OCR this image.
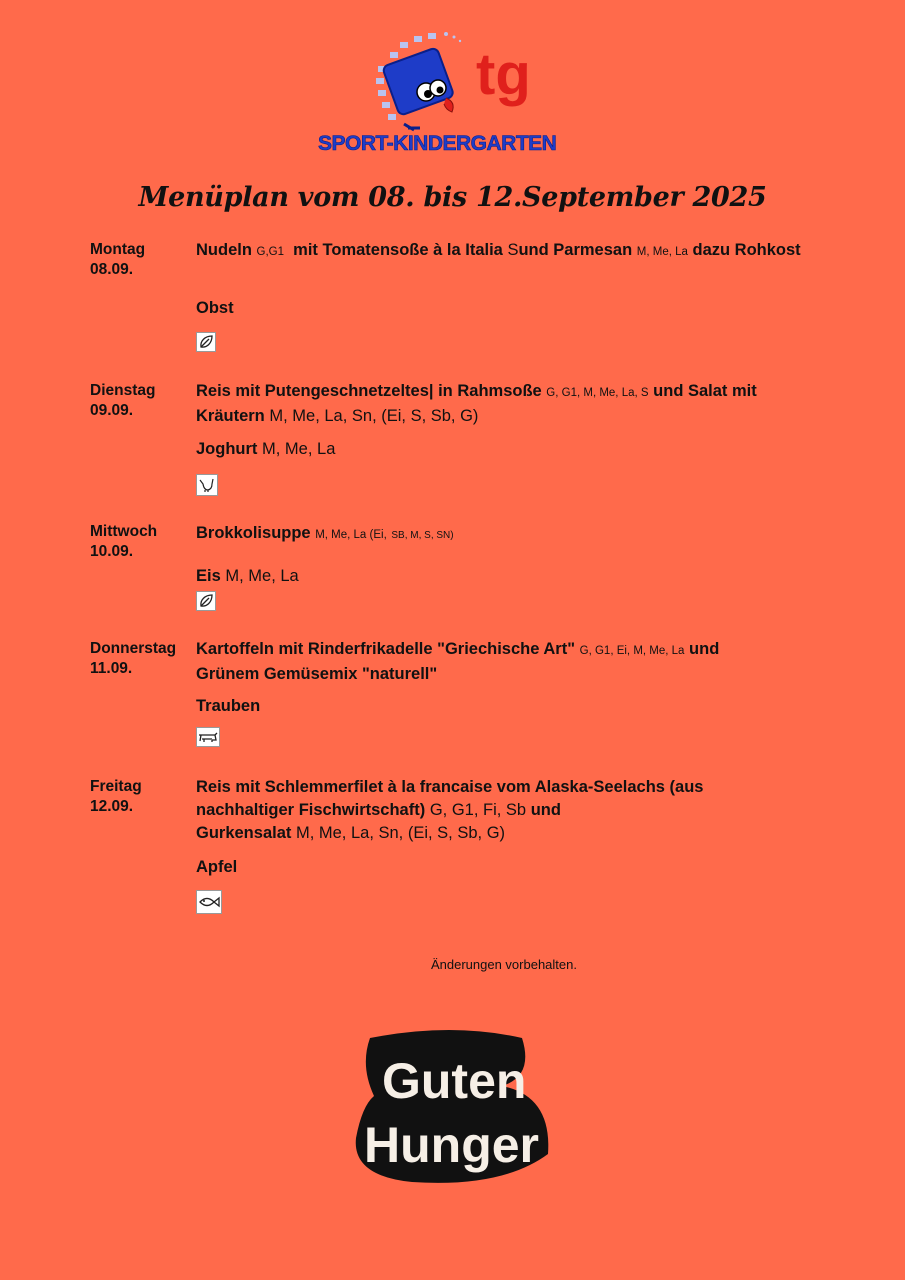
tg
SPORT-KINDERGARTEN
Menüplan vom 08. bis 12.September 2025
Montag
08.09.
Nudeln G,G1 mit Tomatensoße à la Italia Sund Parmesan M, Me, La dazu Rohkost
Obst
Dienstag
09.09.
Reis mit Putengeschnetzeltes| in Rahmsoße G, G1, M, Me, La, S und Salat mit Kräutern M, Me, La, Sn, (Ei, S, Sb, G)
Joghurt M, Me, La
Mittwoch
10.09.
Brokkolisuppe M, Me, La (Ei, SB, M, S, SN)
Eis M, Me, La
Donnerstag
11.09.
Kartoffeln mit Rinderfrikadelle "Griechische Art" G, G1, Ei, M, Me, La und Grünem Gemüsemix "naturell"
Trauben
Freitag
12.09.
Reis mit Schlemmerfilet à la francaise vom Alaska-Seelachs (aus nachhaltiger Fischwirtschaft) G, G1, Fi, Sb und
Gurkensalat M, Me, La, Sn, (Ei, S, Sb, G)
Apfel
Änderungen vorbehalten.
Guten
Hunger
